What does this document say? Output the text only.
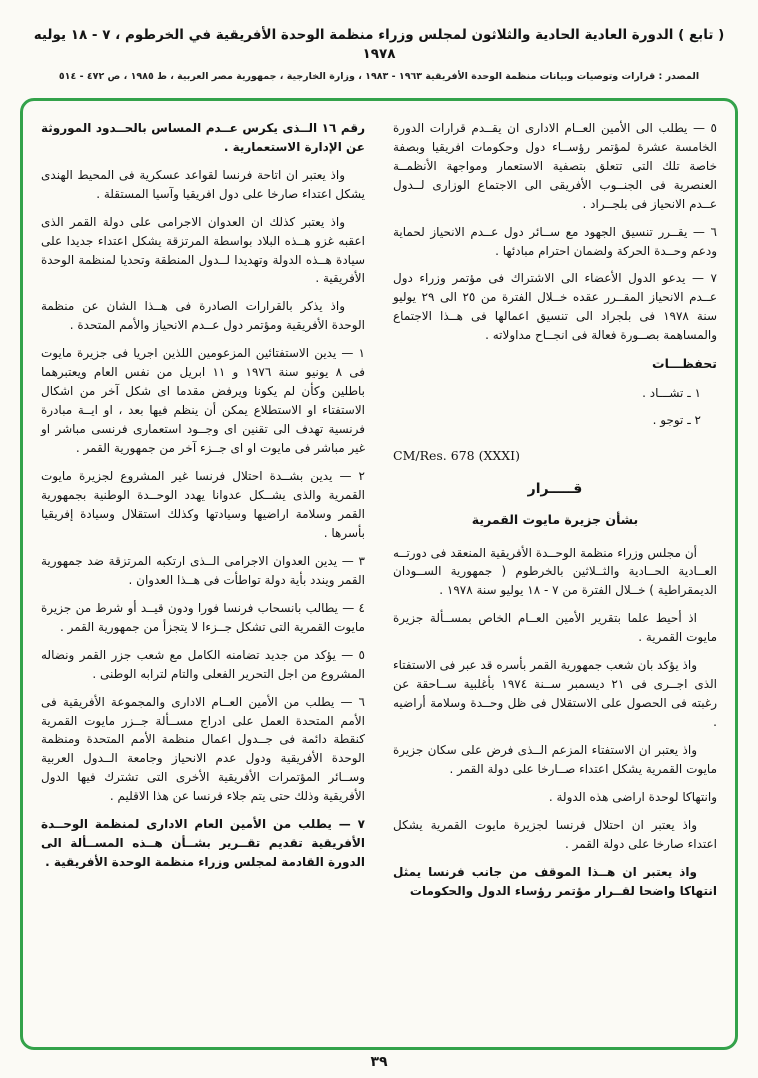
( تابع ) الدورة العادية الحادية والثلاثون لمجلس وزراء منظمة الوحدة الأفريقية في الخرطوم ، ٧ - ١٨ يوليه ١٩٧٨
المصدر : قرارات وتوصيات وبيانات منظمة الوحدة الأفريقية ١٩٦٣ - ١٩٨٣ ، وزارة الخارجية ، جمهورية مصر العربية ، ط ١٩٨٥ ، ص ٤٧٢ - ٥١٤

٥ — يطلب الى الأمين العــام الادارى ان يقــدم قرارات الدورة الخامسة عشرة لمؤتمر رؤســاء دول وحكومات افريقيا وبصفة خاصة تلك التى تتعلق بتصفية الاستعمار ومواجهة الأنظمــة العنصرية فى الجنــوب الأفريقى الى الاجتماع الوزارى لــدول عــدم الانحياز فى بلجــراد .

٦ — يقــرر تنسيق الجهود مع ســائر دول عــدم الانحياز لحماية ودعم وحــدة الحركة ولضمان احترام مبادئها .

٧ — يدعو الدول الأعضاء الى الاشتراك فى مؤتمر وزراء دول عــدم الانحياز المقــرر عقده خــلال الفترة من ٢٥ الى ٢٩ يوليو سنة ١٩٧٨ فى بلجراد الى تنسيق اعمالها فى هــذا الاجتماع والمساهمة بصــورة فعالة فى انجــاح مداولاته .

تحفظـــات

١ ـ تشـــاد .

٢ ـ توجو .

CM/Res. 678 (XXXI)

قـــــرار

بشأن جزيرة مايوت القمرية

أن مجلس وزراء منظمة الوحــدة الأفريقية المنعقد فى دورتــه العــادية الحــادية والثــلاثين بالخرطوم ( جمهورية الســودان الديمقراطية ) خــلال الفترة من ٧ - ١٨ يوليو سنة ١٩٧٨ .

اذ أحيط علما بتقرير الأمين العــام الخاص بمســألة جزيرة مايوت القمرية .

واذ يؤكد بان شعب جمهورية القمر بأسره قد عبر فى الاستفتاء الذى اجــرى فى ٢١ ديسمبر ســنة ١٩٧٤ بأغلبية ســاحقة عن رغبته فى الحصول على الاستقلال فى ظل وحــدة وسلامة أراضيه .

واذ يعتبر ان الاستفتاء المزعم الــذى فرض على سكان جزيرة مايوت القمرية يشكل اعتداء صــارخا على دولة القمر .

وانتهاكا لوحدة اراضى هذه الدولة .

واذ يعتبر ان احتلال فرنسا لجزيرة مايوت القمرية يشكل اعتداء صارخا على دولة القمر .

واذ يعتبر ان هــذا الموقف من جانب فرنسا يمثل انتهاكا واضحا لقــرار مؤتمر رؤساء الدول والحكومات

رقم ١٦ الــذى يكرس عــدم المساس بالحــدود الموروثة عن الإدارة الاستعمارية .

واذ يعتبر ان اتاحة فرنسا لقواعد عسكرية فى المحيط الهندى يشكل اعتداء صارخا على دول افريقيا وآسيا المستقلة .

واذ يعتبر كذلك ان العدوان الاجرامى على دولة القمر الذى اعقبه غزو هــذه البلاد بواسطة المرتزقة يشكل اعتداء جديدا على سيادة هــذه الدولة وتهديدا لــدول المنطقة وتحديا لمنظمة الوحدة الأفريقية .

واذ يذكر بالقرارات الصادرة فى هــذا الشان عن منظمة الوحدة الأفريقية ومؤتمر دول عــدم الانحياز والأمم المتحدة .

١ — يدين الاستفتائين المزعومين اللذين اجريا فى جزيرة مايوت فى ٨ يونيو سنة ١٩٧٦ و ١١ ابريل من نفس العام ويعتبرهما باطلين وكأن لم يكونا ويرفض مقدما اى شكل آخر من اشكال الاستفتاء او الاستطلاع يمكن أن ينظم فيها بعد ، او ايــة مبادرة فرنسية تهدف الى تقنين اى وجــود استعمارى فرنسى مباشر او غير مباشر فى مايوت او اى جــزء آخر من جمهورية القمر .

٢ — يدين بشــدة احتلال فرنسا غير المشروع لجزيرة مايوت القمرية والذى يشــكل عدوانا يهدد الوحــدة الوطنية بجمهورية القمر وسلامة اراضيها وسيادتها وكذلك استقلال وسيادة إفريقيا بأسرها .

٣ — يدين العدوان الاجرامى الــذى ارتكبه المرتزقة ضد جمهورية القمر ويندد بأية دولة تواطأت فى هــذا العدوان .

٤ — يطالب بانسحاب فرنسا فورا ودون قيــد أو شرط من جزيرة مايوت القمرية التى تشكل جــزءا لا يتجزأ من جمهورية القمر .

٥ — يؤكد من جديد تضامنه الكامل مع شعب جزر القمر ونضاله المشروع من اجل التحرير الفعلى والتام لترابه الوطنى .

٦ — يطلب من الأمين العــام الادارى والمجموعة الأفريقية فى الأمم المتحدة العمل على ادراج مســألة جــزر مايوت القمرية كنقطة دائمة فى جــدول اعمال منظمة الأمم المتحدة ومنظمة الوحدة الأفريقية ودول عدم الانحياز وجامعة الــدول العربية وســائر المؤتمرات الأفريقية الأخرى التى تشترك فيها الدول الأفريقية وذلك حتى يتم جلاء فرنسا عن هذا الاقليم .

٧ — يطلب من الأمين العام الادارى لمنظمة الوحــدة الأفريقية تقديم تقــرير بشــأن هــذه المســألة الى الدورة القادمة لمجلس وزراء منظمة الوحدة الأفريقية .

٣٩
